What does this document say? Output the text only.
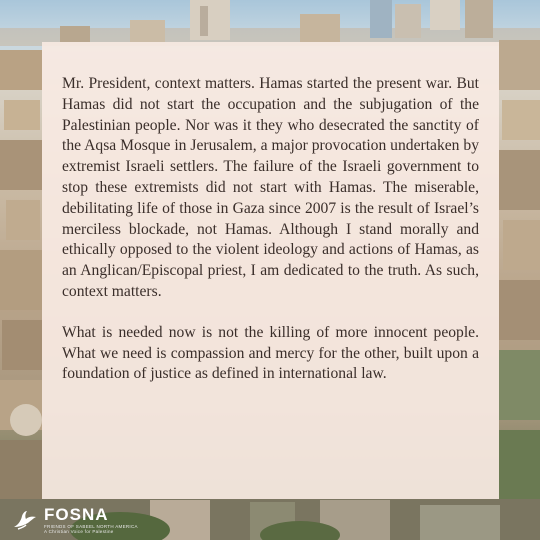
Mr. President, context matters. Hamas started the present war. But Hamas did not start the occupation and the subjugation of the Palestinian people. Nor was it they who desecrated the sanctity of the Aqsa Mosque in Jerusalem, a major provocation undertaken by extremist Israeli settlers. The failure of the Israeli government to stop these extremists did not start with Hamas. The miserable, debilitating life of those in Gaza since 2007 is the result of Israel’s merciless blockade, not Hamas. Although I stand morally and ethically opposed to the violent ideology and actions of Hamas, as an Anglican/Episcopal priest, I am dedicated to the truth. As such, context matters.

What is needed now is not the killing of more innocent people. What we need is compassion and mercy for the other, built upon a foundation of justice as defined in international law.

FOSNA
FRIENDS OF SABEEL NORTH AMERICA
A Christian Voice for Palestine
